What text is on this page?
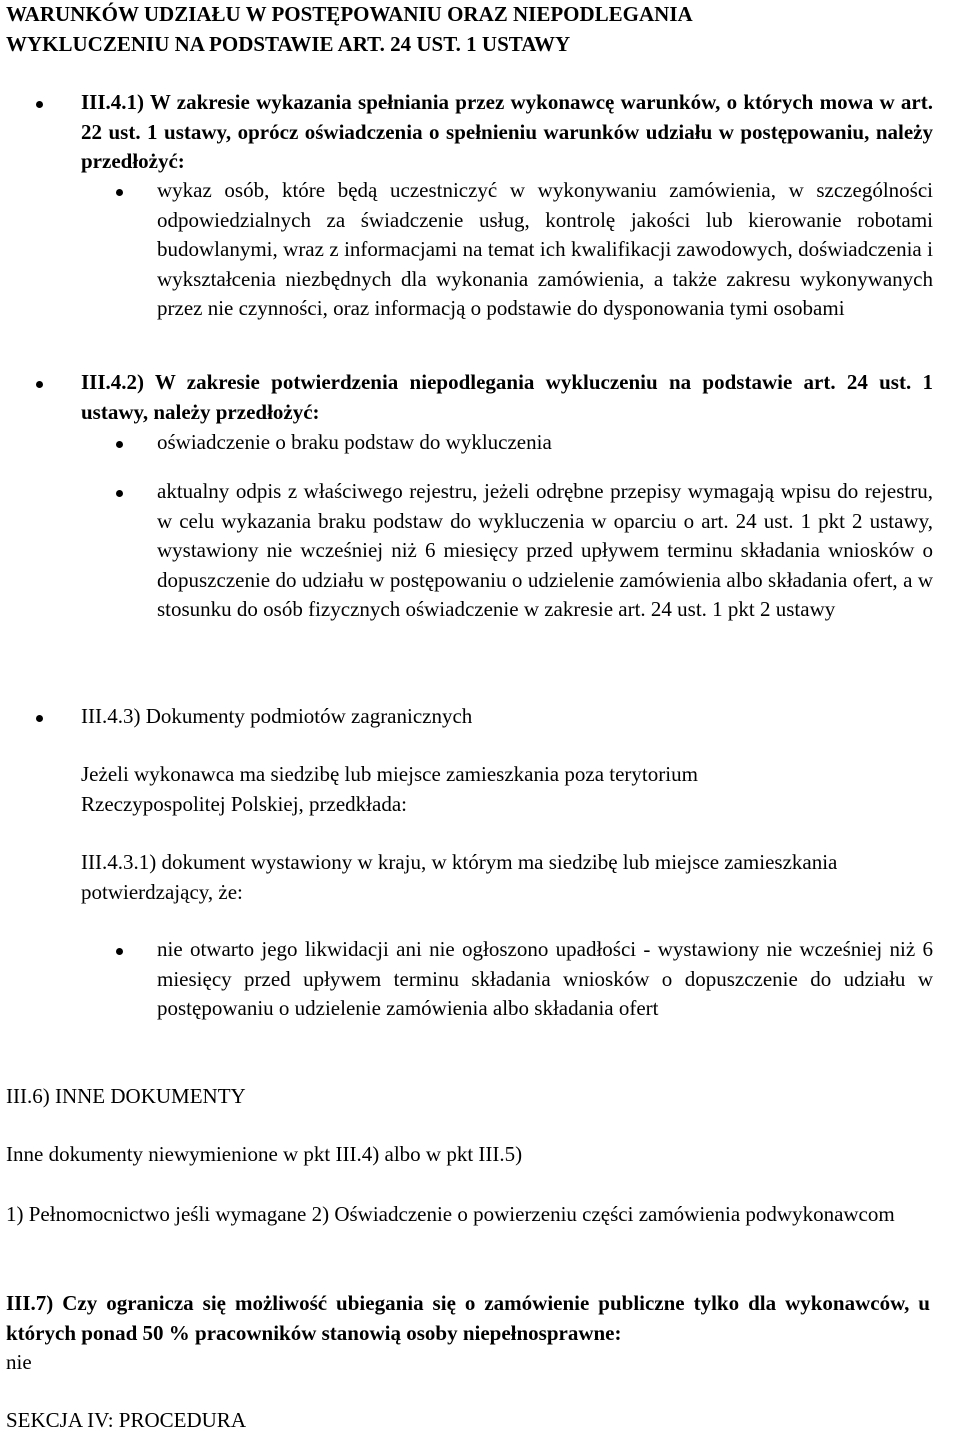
WARUNKÓW UDZIAŁU W POSTĘPOWANIU ORAZ NIEPODLEGANIA
WYKLUCZENIU NA PODSTAWIE ART. 24 UST. 1 USTAWY
III.4.1) W zakresie wykazania spełniania przez wykonawcę warunków, o których mowa w art. 22 ust. 1 ustawy, oprócz oświadczenia o spełnieniu warunków udziału w postępowaniu, należy przedłożyć:
wykaz osób, które będą uczestniczyć w wykonywaniu zamówienia, w szczególności odpowiedzialnych za świadczenie usług, kontrolę jakości lub kierowanie robotami budowlanymi, wraz z informacjami na temat ich kwalifikacji zawodowych, doświadczenia i wykształcenia niezbędnych dla wykonania zamówienia, a także zakresu wykonywanych przez nie czynności, oraz informacją o podstawie do dysponowania tymi osobami
III.4.2) W zakresie potwierdzenia niepodlegania wykluczeniu na podstawie art. 24 ust. 1 ustawy, należy przedłożyć:
oświadczenie o braku podstaw do wykluczenia
aktualny odpis z właściwego rejestru, jeżeli odrębne przepisy wymagają wpisu do rejestru, w celu wykazania braku podstaw do wykluczenia w oparciu o art. 24 ust. 1 pkt 2 ustawy, wystawiony nie wcześniej niż 6 miesięcy przed upływem terminu składania wniosków o dopuszczenie do udziału w postępowaniu o udzielenie zamówienia albo składania ofert, a w stosunku do osób fizycznych oświadczenie w zakresie art. 24 ust. 1 pkt 2 ustawy
III.4.3) Dokumenty podmiotów zagranicznych
Jeżeli wykonawca ma siedzibę lub miejsce zamieszkania poza terytorium Rzeczypospolitej Polskiej, przedkłada:
III.4.3.1) dokument wystawiony w kraju, w którym ma siedzibę lub miejsce zamieszkania potwierdzający, że:
nie otwarto jego likwidacji ani nie ogłoszono upadłości - wystawiony nie wcześniej niż 6 miesięcy przed upływem terminu składania wniosków o dopuszczenie do udziału w postępowaniu o udzielenie zamówienia albo składania ofert
III.6) INNE DOKUMENTY
Inne dokumenty niewymienione w pkt III.4) albo w pkt III.5)
1) Pełnomocnictwo jeśli wymagane 2) Oświadczenie o powierzeniu części zamówienia podwykonawcom
III.7) Czy ogranicza się możliwość ubiegania się o zamówienie publiczne tylko dla wykonawców, u których ponad 50 % pracowników stanowią osoby niepełnosprawne:
nie
SEKCJA IV: PROCEDURA
